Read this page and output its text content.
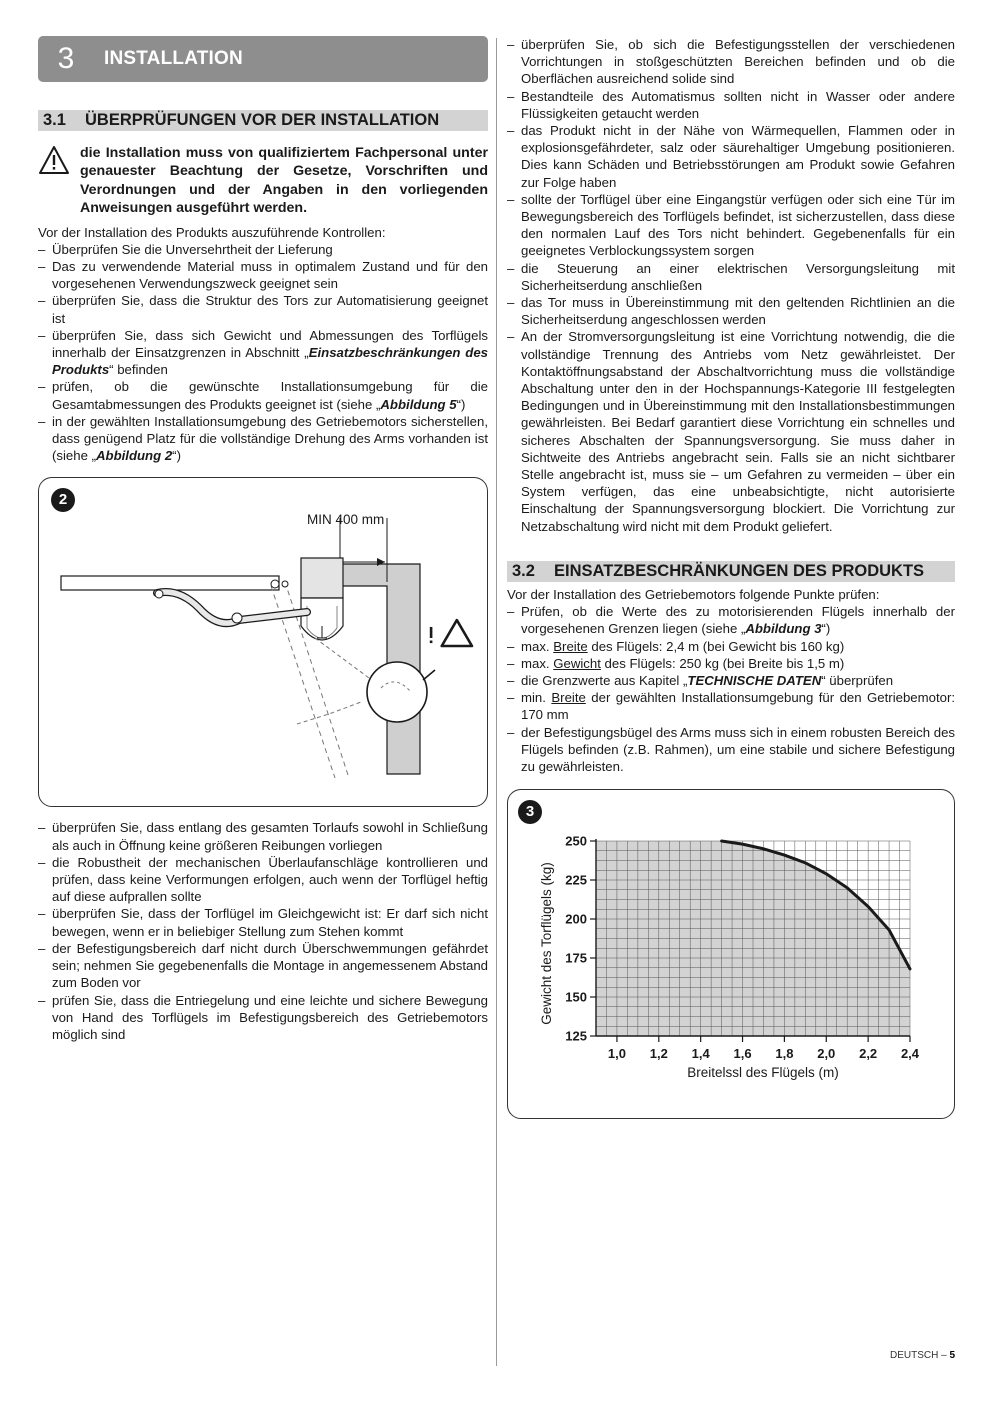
3	INSTALLATION
3.1	ÜBERPRÜFUNGEN VOR DER INSTALLATION
die Installation muss von qualifiziertem Fachpersonal unter genauester Beachtung der Gesetze, Vorschriften und Verordnungen und der Angaben in den vorliegenden Anweisungen ausgeführt werden.

Vor der Installation des Produkts auszuführende Kontrollen:

– Überprüfen Sie die Unversehrtheit der Lieferung
– Das zu verwendende Material muss in optimalem Zustand und für den vorgesehenen Verwendungszweck geeignet sein
– überprüfen Sie, dass die Struktur des Tors zur Automatisierung geeignet ist
– überprüfen Sie, dass sich Gewicht und Abmessungen des Torflügels innerhalb der Einsatzgrenzen in Abschnitt „Einsatzbeschränkungen des Produkts“ befinden
– prüfen, ob die gewünschte Installationsumgebung für die Gesamtabmessungen des Produkts geeignet ist (siehe „Abbildung 5“)
– in der gewählten Installationsumgebung des Getriebemotors sicherstellen, dass genügend Platz für die vollständige Drehung des Arms vorhanden ist (siehe „Abbildung 2“)
2
MIN 400 mm
– überprüfen Sie, dass entlang des gesamten Torlaufs sowohl in Schließung als auch in Öffnung keine größeren Reibungen vorliegen
– die Robustheit der mechanischen Überlaufanschläge kontrollieren und prüfen, dass keine Verformungen erfolgen, auch wenn der Torflügel heftig auf diese aufprallen sollte
– überprüfen Sie, dass der Torflügel im Gleichgewicht ist: Er darf sich nicht bewegen, wenn er in beliebiger Stellung zum Stehen kommt
– der Befestigungsbereich darf nicht durch Überschwemmungen gefährdet sein; nehmen Sie gegebenenfalls die Montage in angemessenem Abstand zum Boden vor
– prüfen Sie, dass die Entriegelung und eine leichte und sichere Bewegung von Hand des Torflügels im Befestigungsbereich des Getriebemotors möglich sind
– überprüfen Sie, ob sich die Befestigungsstellen der verschiedenen Vorrichtungen in stoßgeschützten Bereichen befinden und ob die Oberflächen ausreichend solide sind
– Bestandteile des Automatismus sollten nicht in Wasser oder andere Flüssigkeiten getaucht werden
– das Produkt nicht in der Nähe von Wärmequellen, Flammen oder in explosionsgefährdeter, salz oder säurehaltiger Umgebung positionieren. Dies kann Schäden und Betriebsstörungen am Produkt sowie Gefahren zur Folge haben
– sollte der Torflügel über eine Eingangstür verfügen oder sich eine Tür im Bewegungsbereich des Torflügels befindet, ist sicherzustellen, dass diese den normalen Lauf des Tors nicht behindert. Gegebenenfalls für ein geeignetes Verblockungssystem sorgen
– die Steuerung an einer elektrischen Versorgungsleitung mit Sicherheitserdung anschließen
– das Tor muss in Übereinstimmung mit den geltenden Richtlinien an die Sicherheitserdung angeschlossen werden
– An der Stromversorgungsleitung ist eine Vorrichtung notwendig, die die vollständige Trennung des Antriebs vom Netz gewährleistet. Der Kontaktöffnungsabstand der Abschaltvorrichtung muss die vollständige Abschaltung unter den in der Hochspannungs-Kategorie III festgelegten Bedingungen und in Übereinstimmung mit den Installationsbestimmungen gewährleisten. Bei Bedarf garantiert diese Vorrichtung ein schnelles und sicheres Abschalten der Spannungsversorgung. Sie muss daher in Sichtweite des Antriebs angebracht sein. Falls sie an nicht sichtbarer Stelle angebracht ist, muss sie – um Gefahren zu vermeiden – über ein System verfügen, das eine unbeabsichtigte, nicht autorisierte Einschaltung der Spannungsversorgung blockiert. Die Vorrichtung zur Netzabschaltung wird nicht mit dem Produkt geliefert.
3.2	EINSATZBESCHRÄNKUNGEN DES PRODUKTS

Vor der Installation des Getriebemotors folgende Punkte prüfen:

– Prüfen, ob die Werte des zu motorisierenden Flügels innerhalb der vorgesehenen Grenzen liegen (siehe „Abbildung 3“)
– max. Breite des Flügels: 2,4 m (bei Gewicht bis 160 kg)
– max. Gewicht des Flügels: 250 kg (bei Breite bis 1,5 m)
– die Grenzwerte aus Kapitel „TECHNISCHE DATEN“ überprüfen
– min. Breite der gewählten Installationsumgebung für den Getriebemotor: 170 mm
– der Befestigungsbügel des Arms muss sich in einem robusten Bereich des Flügels befinden (z.B. Rahmen), um eine stabile und sichere Befestigung zu gewährleisten.
3
125
150
175
200
225
250
1,0 1,2 1,4 1,6 1,8 2,0 2,2 2,4
Breitelssl des Flügels (m)
Gewicht des Torflügels (kg)
DEUTSCH – 5
